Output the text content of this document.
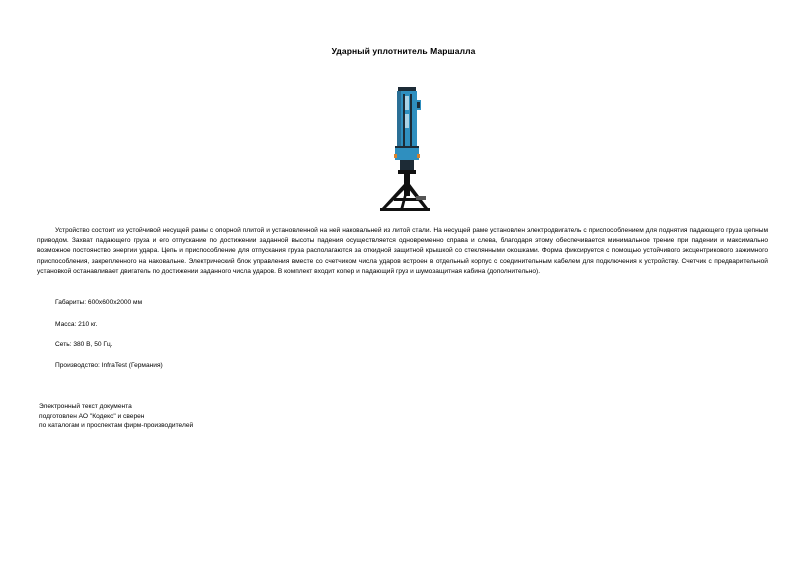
Ударный уплотнитель Маршалла

Устройство состоит из устойчивой несущей рамы с опорной плитой и установленной на ней наковальней из литой стали. На несущей раме установлен электродвигатель с приспособлением для поднятия падающего груза цепным приводом. Захват падающего груза и его отпускание по достижении заданной высоты падения осуществляется одновременно справа и слева, благодаря этому обеспечивается минимальное трение при падении и максимально возможное постоянство энергии удара. Цепь и приспособление для отпускания груза располагаются за откидной защитной крышкой со стеклянными окошками. Форма фиксируется с помощью устойчивого эксцентрикового зажимного приспособления, закрепленного на наковальне. Электрический блок управления вместе со счетчиком числа ударов встроен в отдельный корпус с соединительным кабелем для подключения к устройству. Счетчик с предварительной установкой останавливает двигатель по достижении заданного числа ударов. В комплект входит копер и падающий груз и шумозащитная кабина (дополнительно).

Габариты: 600х600х2000 мм

Масса: 210 кг.

Сеть: 380 В, 50 Гц.

Производство: InfraTest (Германия)

Электронный текст документа
подготовлен АО "Кодекс" и сверен
по каталогам и проспектам фирм-производителей
